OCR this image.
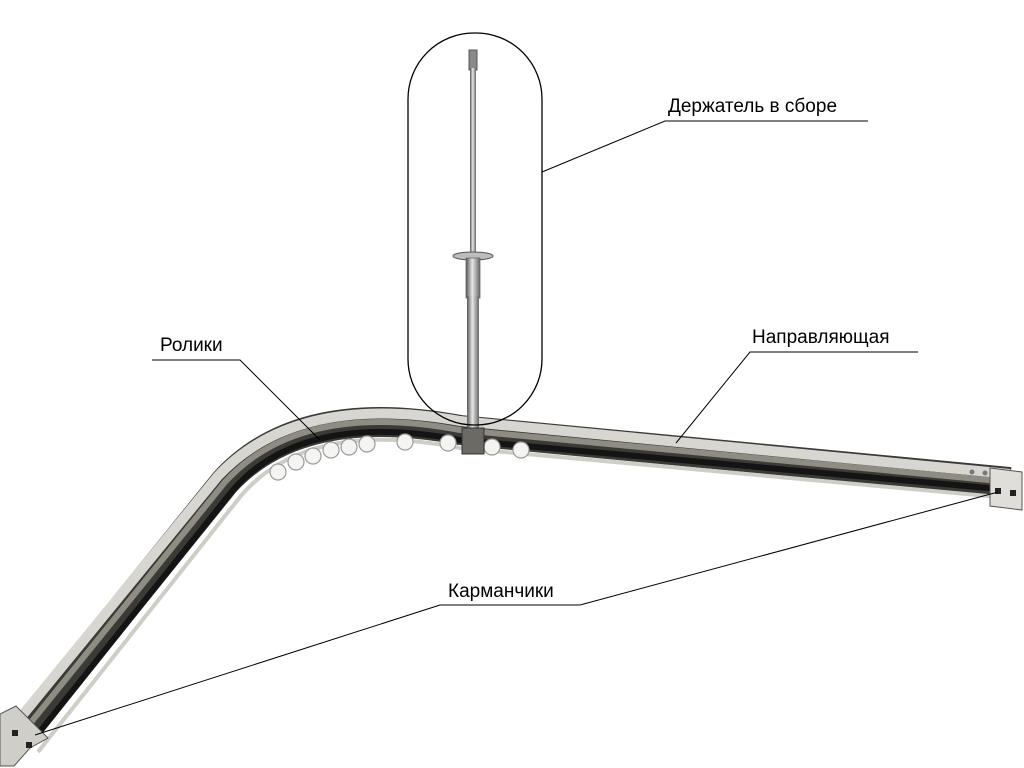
Держатель в сборе
Ролики	Направляющая
Карманчики
